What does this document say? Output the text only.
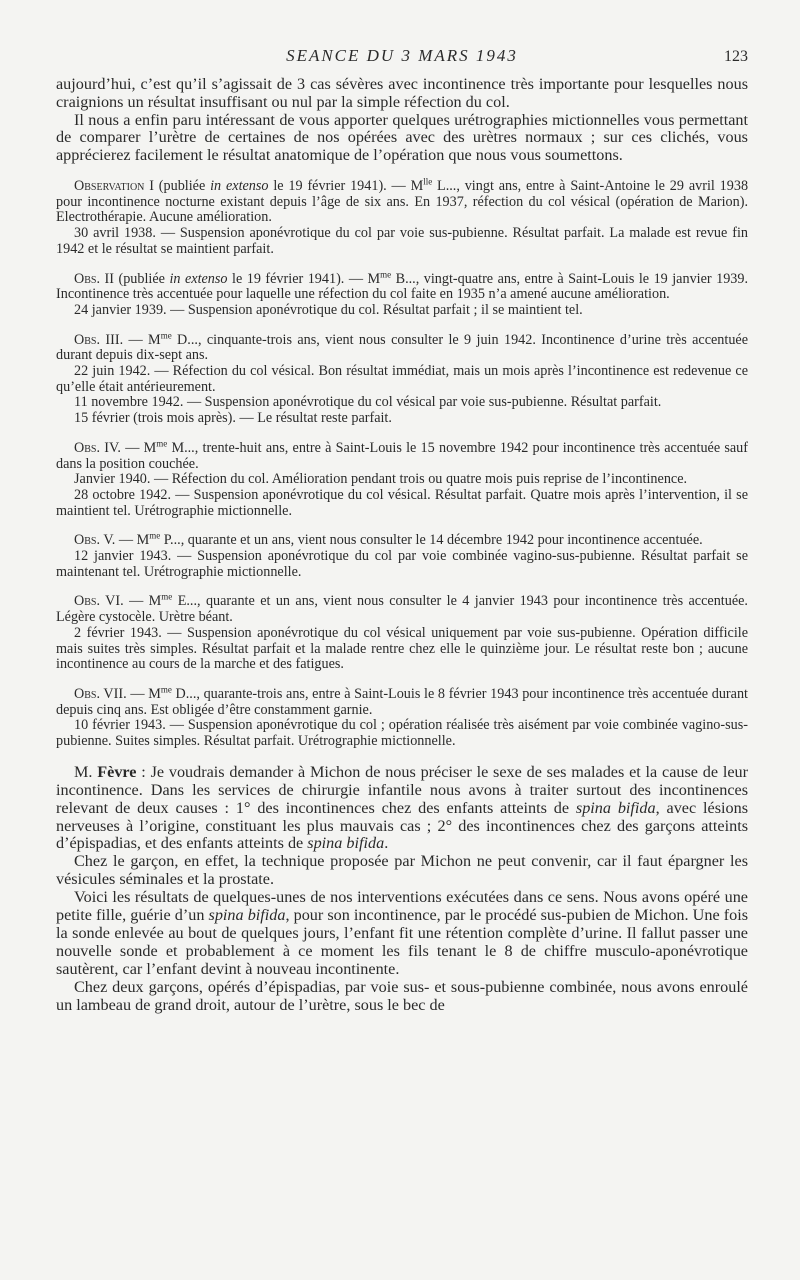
SEANCE DU 3 MARS 1943	123

aujourd’hui, c’est qu’il s’agissait de 3 cas sévères avec incontinence très importante pour lesquelles nous craignions un résultat insuffisant ou nul par la simple réfection du col.

Il nous a enfin paru intéressant de vous apporter quelques urétrographies mictionnelles vous permettant de comparer l’urètre de certaines de nos opérées avec des urètres normaux ; sur ces clichés, vous apprécierez facilement le résultat anatomique de l’opération que nous vous soumettons.

Observation I (publiée in extenso le 19 février 1941). — $M^{lle}$ L..., vingt ans, entre à Saint-Antoine le 29 avril 1938 pour incontinence nocturne existant depuis l’âge de six ans. En 1937, réfection du col vésical (opération de Marion). Electrothérapie. Aucune amélioration.

30 avril 1938. — Suspension aponévrotique du col par voie sus-pubienne. Résultat parfait. La malade est revue fin 1942 et le résultat se maintient parfait.

Obs. II (publiée in extenso le 19 février 1941). — $M^{me}$ B..., vingt-quatre ans, entre à Saint-Louis le 19 janvier 1939. Incontinence très accentuée pour laquelle une réfection du col faite en 1935 n’a amené aucune amélioration.

24 janvier 1939. — Suspension aponévrotique du col. Résultat parfait ; il se maintient tel.

Obs. III. — $M^{me}$ D..., cinquante-trois ans, vient nous consulter le 9 juin 1942. Incontinence d’urine très accentuée durant depuis dix-sept ans.

22 juin 1942. — Réfection du col vésical. Bon résultat immédiat, mais un mois après l’incontinence est redevenue ce qu’elle était antérieurement.

11 novembre 1942. — Suspension aponévrotique du col vésical par voie sus-pubienne. Résultat parfait.

15 février (trois mois après). — Le résultat reste parfait.

Obs. IV. — $M^{me}$ M..., trente-huit ans, entre à Saint-Louis le 15 novembre 1942 pour incontinence très accentuée sauf dans la position couchée.

Janvier 1940. — Réfection du col. Amélioration pendant trois ou quatre mois puis reprise de l’incontinence.

28 octobre 1942. — Suspension aponévrotique du col vésical. Résultat parfait. Quatre mois après l’intervention, il se maintient tel. Urétrographie mictionnelle.

Obs. V. — $M^{me}$ P..., quarante et un ans, vient nous consulter le 14 décembre 1942 pour incontinence accentuée.

12 janvier 1943. — Suspension aponévrotique du col par voie combinée vagino-sus-pubienne. Résultat parfait se maintenant tel. Urétrographie mictionnelle.

Obs. VI. — $M^{me}$ E..., quarante et un ans, vient nous consulter le 4 janvier 1943 pour incontinence très accentuée. Légère cystocèle. Urètre béant.

2 février 1943. — Suspension aponévrotique du col vésical uniquement par voie sus-pubienne. Opération difficile mais suites très simples. Résultat parfait et la malade rentre chez elle le quinzième jour. Le résultat reste bon ; aucune incontinence au cours de la marche et des fatigues.

Obs. VII. — $M^{me}$ D..., quarante-trois ans, entre à Saint-Louis le 8 février 1943 pour incontinence très accentuée durant depuis cinq ans. Est obligée d’être constamment garnie.

10 février 1943. — Suspension aponévrotique du col ; opération réalisée très aisément par voie combinée vagino-sus-pubienne. Suites simples. Résultat parfait. Urétrographie mictionnelle.

M. Fèvre : Je voudrais demander à Michon de nous préciser le sexe de ses malades et la cause de leur incontinence. Dans les services de chirurgie infantile nous avons à traiter surtout des incontinences relevant de deux causes : 1° des incontinences chez des enfants atteints de spina bifida, avec lésions nerveuses à l’origine, constituant les plus mauvais cas ; 2° des incontinences chez des garçons atteints d’épispadias, et des enfants atteints de spina bifida.

Chez le garçon, en effet, la technique proposée par Michon ne peut convenir, car il faut épargner les vésicules séminales et la prostate.

Voici les résultats de quelques-unes de nos interventions exécutées dans ce sens. Nous avons opéré une petite fille, guérie d’un spina bifida, pour son incontinence, par le procédé sus-pubien de Michon. Une fois la sonde enlevée au bout de quelques jours, l’enfant fit une rétention complète d’urine. Il fallut passer une nouvelle sonde et probablement à ce moment les fils tenant le 8 de chiffre musculo-aponévrotique sautèrent, car l’enfant devint à nouveau incontinente.

Chez deux garçons, opérés d’épispadias, par voie sus- et sous-pubienne combinée, nous avons enroulé un lambeau de grand droit, autour de l’urètre, sous le bec de
